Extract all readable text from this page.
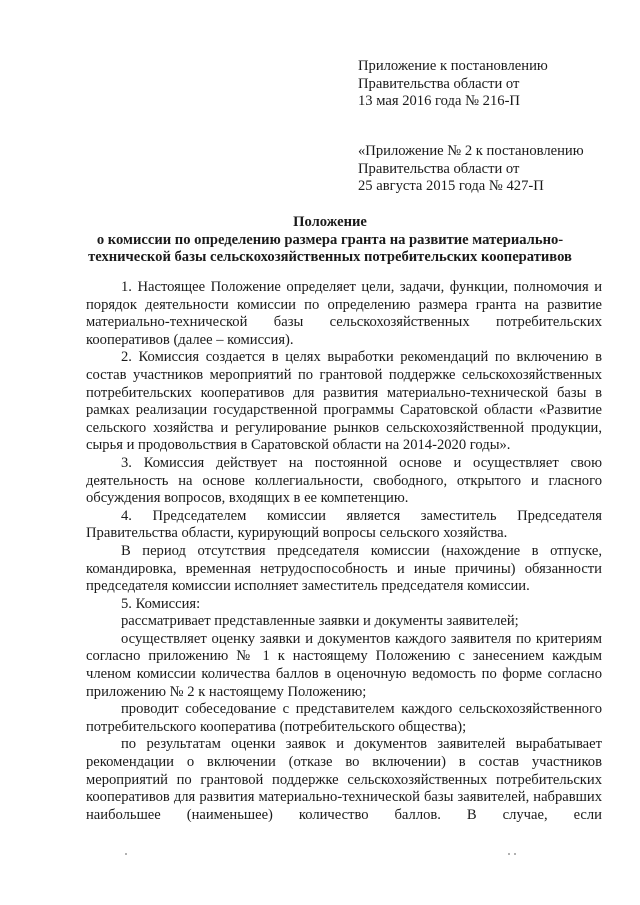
Приложение к постановлению
Правительства области от
13 мая 2016 года № 216-П
«Приложение № 2 к постановлению
Правительства области от
25 августа 2015 года № 427-П
Положение
о комиссии по определению размера гранта на развитие материально-
технической базы сельскохозяйственных потребительских кооперативов

1. Настоящее Положение определяет цели, задачи, функции, полномочия и порядок деятельности комиссии по определению размера гранта на развитие материально-технической базы сельскохозяйственных потребительских кооперативов (далее – комиссия).

2. Комиссия создается в целях выработки рекомендаций по включению в состав участников мероприятий по грантовой поддержке сельскохозяйственных потребительских кооперативов для развития материально-технической базы в рамках реализации государственной программы Саратовской области «Развитие сельского хозяйства и регулирование рынков сельскохозяйственной продукции, сырья и продовольствия в Саратовской области на 2014-2020 годы».

3. Комиссия действует на постоянной основе и осуществляет свою деятельность на основе коллегиальности, свободного, открытого и гласного обсуждения вопросов, входящих в ее компетенцию.

4. Председателем комиссии является заместитель Председателя Правительства области, курирующий вопросы сельского хозяйства.

В период отсутствия председателя комиссии (нахождение в отпуске, командировка, временная нетрудоспособность и иные причины) обязанности председателя комиссии исполняет заместитель председателя комиссии.

5. Комиссия:

рассматривает представленные заявки и документы заявителей;

осуществляет оценку заявки и документов каждого заявителя по критериям согласно приложению № 1 к настоящему Положению с занесением каждым членом комиссии количества баллов в оценочную ведомость по форме согласно приложению № 2 к настоящему Положению;

проводит собеседование с представителем каждого сельскохозяйственного потребительского кооператива (потребительского общества);

по результатам оценки заявок и документов заявителей вырабатывает рекомендации о включении (отказе во включении) в состав участников мероприятий по грантовой поддержке сельскохозяйственных потребительских кооперативов для развития материально-технической базы заявителей, набравших наибольшее (наименьшее) количество баллов. В случае, если
